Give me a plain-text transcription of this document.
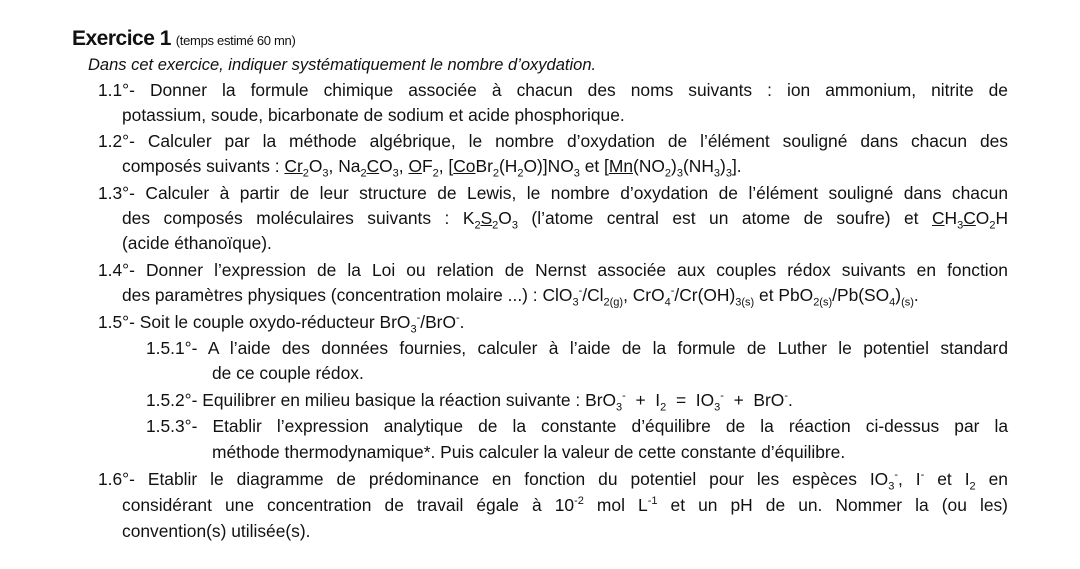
Exercice 1 (temps estimé 60 mn)
Dans cet exercice, indiquer systématiquement le nombre d’oxydation.
1.1°- Donner la formule chimique associée à chacun des noms suivants : ion ammonium, nitrite de
potassium, soude, bicarbonate de sodium et acide phosphorique.
1.2°- Calculer par la méthode algébrique, le nombre d’oxydation de l’élément souligné dans chacun des
composés suivants : $Cr_2O_3$, $Na_2CO_3$, $OF_2$, $[CoBr_2(H_2O)]NO_3$ et $[Mn(NO_2)_3(NH_3)_3]$.
1.3°- Calculer à partir de leur structure de Lewis, le nombre d’oxydation de l’élément souligné dans chacun
des composés moléculaires suivants : $K_2S_2O_3$ (l’atome central est un atome de soufre) et $CH_3CO_2H$
(acide éthanoïque).
1.4°- Donner l’expression de la Loi ou relation de Nernst associée aux couples rédox suivants en fonction
des paramètres physiques (concentration molaire ...) : $ClO_3^-/Cl_{2(g)}$, $CrO_4^-/Cr(OH)_{3(s)}$ et $PbO_{2(s)}/Pb(SO_4)_{(s)}$.
1.5°- Soit le couple oxydo-réducteur BrO$_3$-/BrO-.
1.5.1°- A l’aide des données fournies, calculer à l’aide de la formule de Luther le potentiel standard
de ce couple rédox.
1.5.2°- Equilibrer en milieu basique la réaction suivante : $BrO_3^- + I_2 = IO_3^- + BrO^-$.
1.5.3°- Etablir l’expression analytique de la constante d’équilibre de la réaction ci-dessus par la
méthode thermodynamique*. Puis calculer la valeur de cette constante d’équilibre.
1.6°- Etablir le diagramme de prédominance en fonction du potentiel pour les espèces $IO_3^-$, I- et $I_2$ en
considérant une concentration de travail égale à $10^{-2}$ mol $L^{-1}$ et un pH de un. Nommer la (ou les)
convention(s) utilisée(s).
